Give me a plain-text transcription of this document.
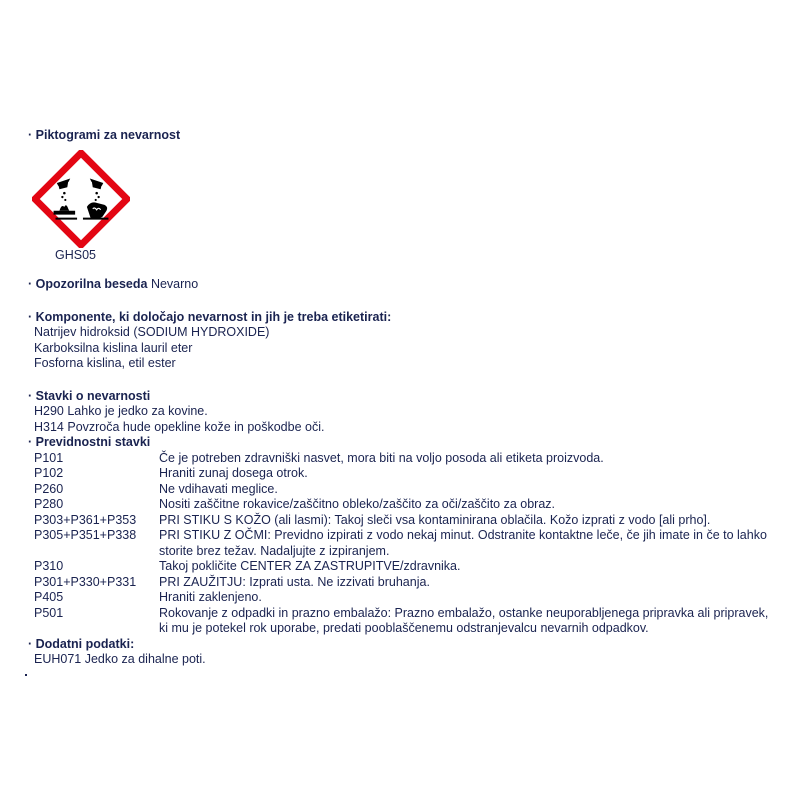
· Piktogrami za nevarnost
GHS05
· Opozorilna beseda Nevarno
· Komponente, ki določajo nevarnost in jih je treba etiketirati:
Natrijev hidroksid (SODIUM HYDROXIDE)
Karboksilna kislina lauril eter
Fosforna kislina, etil ester
· Stavki o nevarnosti
H290 Lahko je jedko za kovine.
H314 Povzroča hude opekline kože in poškodbe oči.
· Previdnostni stavki
P101	Če je potreben zdravniški nasvet, mora biti na voljo posoda ali etiketa proizvoda.
P102	Hraniti zunaj dosega otrok.
P260	Ne vdihavati meglice.
P280	Nositi zaščitne rokavice/zaščitno obleko/zaščito za oči/zaščito za obraz.
P303+P361+P353	PRI STIKU S KOŽO (ali lasmi): Takoj sleči vsa kontaminirana oblačila. Kožo izprati z vodo [ali prho].
P305+P351+P338	PRI STIKU Z OČMI: Previdno izpirati z vodo nekaj minut. Odstranite kontaktne leče, če jih imate in če to lahko storite brez težav. Nadaljujte z izpiranjem.
P310	Takoj pokličite CENTER ZA ZASTRUPITVE/zdravnika.
P301+P330+P331	PRI ZAUŽITJU: Izprati usta. Ne izzivati bruhanja.
P405	Hraniti zaklenjeno.
P501	Rokovanje z odpadki in prazno embalažo: Prazno embalažo, ostanke neuporabljenega pripravka ali pripravek, ki mu je potekel rok uporabe, predati pooblaščenemu odstranjevalcu nevarnih odpadkov.
· Dodatni podatki:
EUH071 Jedko za dihalne poti.
